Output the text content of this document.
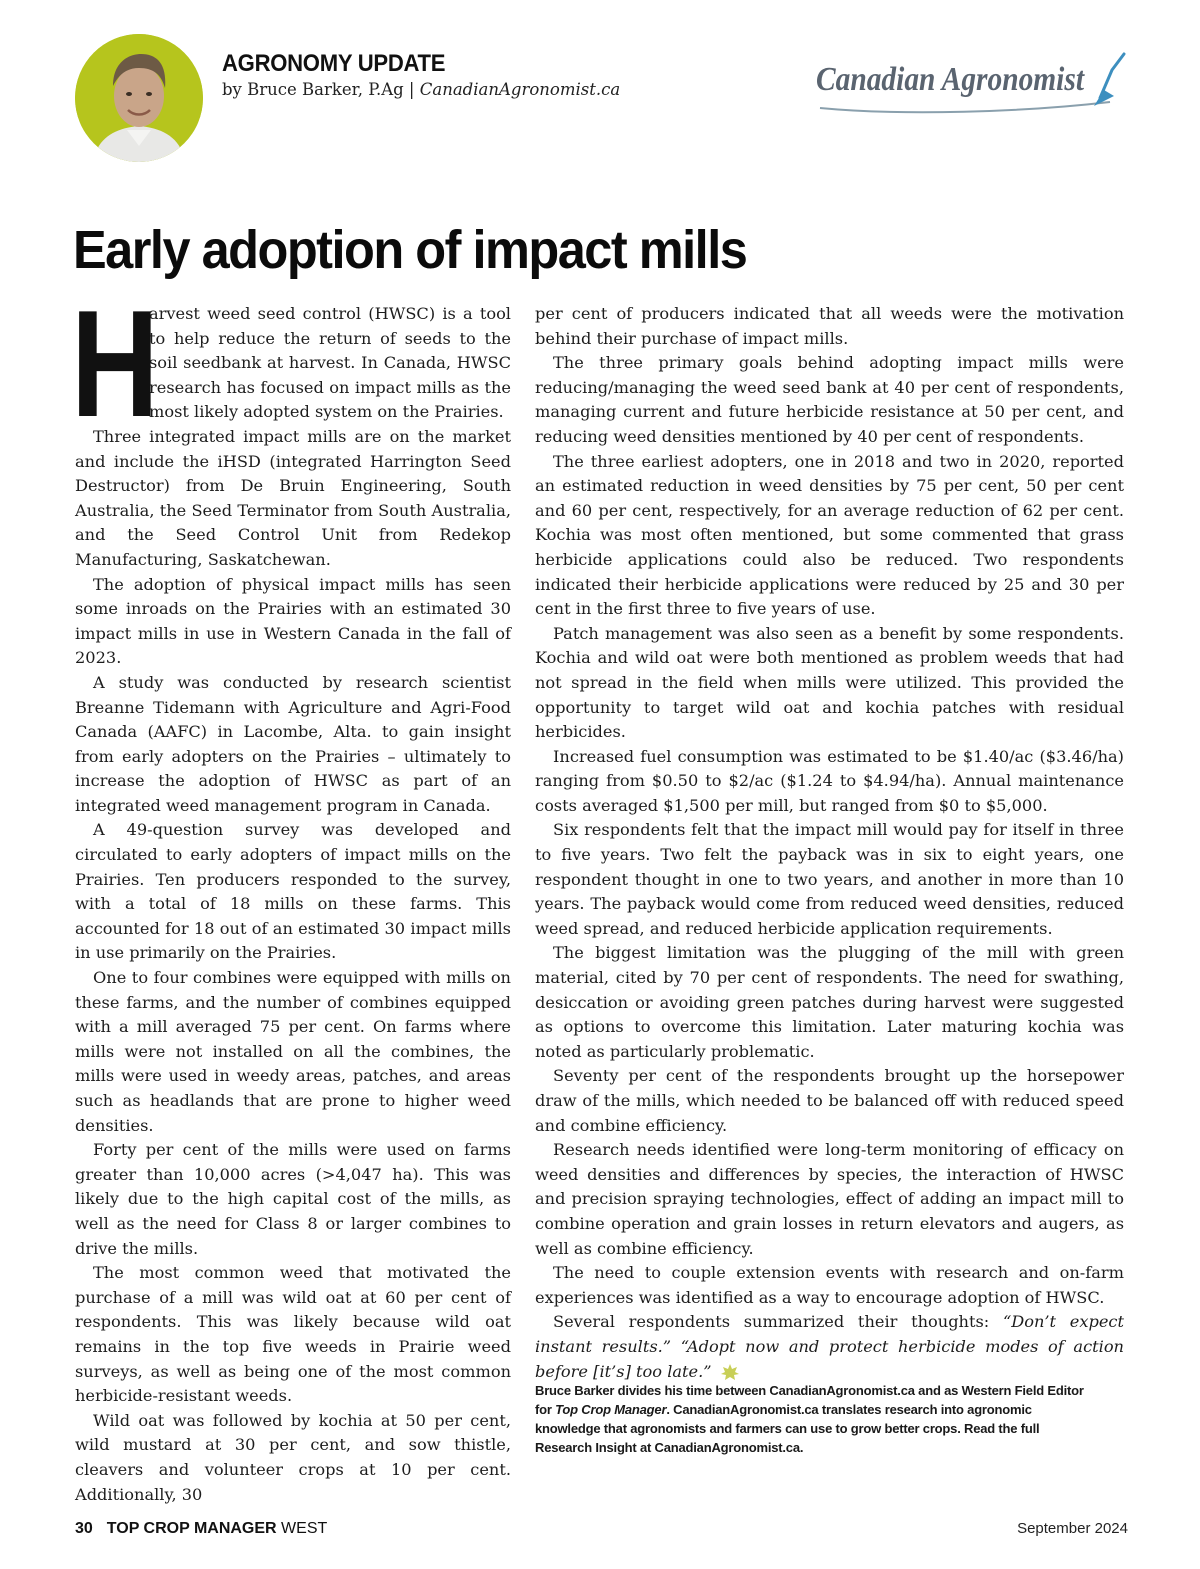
AGRONOMY UPDATE
by Bruce Barker, P.Ag | CanadianAgronomist.ca	Canadian Agronomist
Early adoption of impact mills

H
arvest weed seed control (HWSC) is a tool to help reduce the return of seeds to the soil seedbank at harvest. In Canada, HWSC research has focused on impact mills as the most likely adopted system on the Prairies.

Three integrated impact mills are on the market and include the iHSD (integrated Harrington Seed Destructor) from De Bruin Engineering, South Australia, the Seed Terminator from South Australia, and the Seed Control Unit from Redekop Manufacturing, Saskatchewan.

The adoption of physical impact mills has seen some inroads on the Prairies with an estimated 30 impact mills in use in Western Canada in the fall of 2023.

A study was conducted by research scientist Breanne Tidemann with Agriculture and Agri-Food Canada (AAFC) in Lacombe, Alta. to gain insight from early adopters on the Prairies – ultimately to increase the adoption of HWSC as part of an integrated weed management program in Canada.

A 49-question survey was developed and circulated to early adopters of impact mills on the Prairies. Ten producers responded to the survey, with a total of 18 mills on these farms. This accounted for 18 out of an estimated 30 impact mills in use primarily on the Prairies.

One to four combines were equipped with mills on these farms, and the number of combines equipped with a mill averaged 75 per cent. On farms where mills were not installed on all the combines, the mills were used in weedy areas, patches, and areas such as headlands that are prone to higher weed densities.

Forty per cent of the mills were used on farms greater than 10,000 acres (>4,047 ha). This was likely due to the high capital cost of the mills, as well as the need for Class 8 or larger combines to drive the mills.

The most common weed that motivated the purchase of a mill was wild oat at 60 per cent of respondents. This was likely because wild oat remains in the top five weeds in Prairie weed surveys, as well as being one of the most common herbicide-resistant weeds.

Wild oat was followed by kochia at 50 per cent, wild mustard at 30 per cent, and sow thistle, cleavers and volunteer crops at 10 per cent. Additionally, 30

per cent of producers indicated that all weeds were the motivation behind their purchase of impact mills.

The three primary goals behind adopting impact mills were reducing/managing the weed seed bank at 40 per cent of respondents, managing current and future herbicide resistance at 50 per cent, and reducing weed densities mentioned by 40 per cent of respondents.

The three earliest adopters, one in 2018 and two in 2020, reported an estimated reduction in weed densities by 75 per cent, 50 per cent and 60 per cent, respectively, for an average reduction of 62 per cent. Kochia was most often mentioned, but some commented that grass herbicide applications could also be reduced. Two respondents indicated their herbicide applications were reduced by 25 and 30 per cent in the first three to five years of use.

Patch management was also seen as a benefit by some respondents. Kochia and wild oat were both mentioned as problem weeds that had not spread in the field when mills were utilized. This provided the opportunity to target wild oat and kochia patches with residual herbicides.

Increased fuel consumption was estimated to be $1.40/ac ($3.46/ha) ranging from $0.50 to $2/ac ($1.24 to $4.94/ha). Annual maintenance costs averaged $1,500 per mill, but ranged from $0 to $5,000.

Six respondents felt that the impact mill would pay for itself in three to five years. Two felt the payback was in six to eight years, one respondent thought in one to two years, and another in more than 10 years. The payback would come from reduced weed densities, reduced weed spread, and reduced herbicide application requirements.

The biggest limitation was the plugging of the mill with green material, cited by 70 per cent of respondents. The need for swathing, desiccation or avoiding green patches during harvest were suggested as options to overcome this limitation. Later maturing kochia was noted as particularly problematic.

Seventy per cent of the respondents brought up the horsepower draw of the mills, which needed to be balanced off with reduced speed and combine efficiency.

Research needs identified were long-term monitoring of efficacy on weed densities and differences by species, the interaction of HWSC and precision spraying technologies, effect of adding an impact mill to combine operation and grain losses in return elevators and augers, as well as combine efficiency.

The need to couple extension events with research and on-farm experiences was identified as a way to encourage adoption of HWSC.

Several respondents summarized their thoughts: “Don’t expect instant results.” “Adopt now and protect herbicide modes of action before [it’s] too late.”

Bruce Barker divides his time between CanadianAgronomist.ca and as Western Field Editor for Top Crop Manager. CanadianAgronomist.ca translates research into agronomic knowledge that agronomists and farmers can use to grow better crops. Read the full Research Insight at CanadianAgronomist.ca.
30 TOP CROP MANAGER WEST	September 2024
